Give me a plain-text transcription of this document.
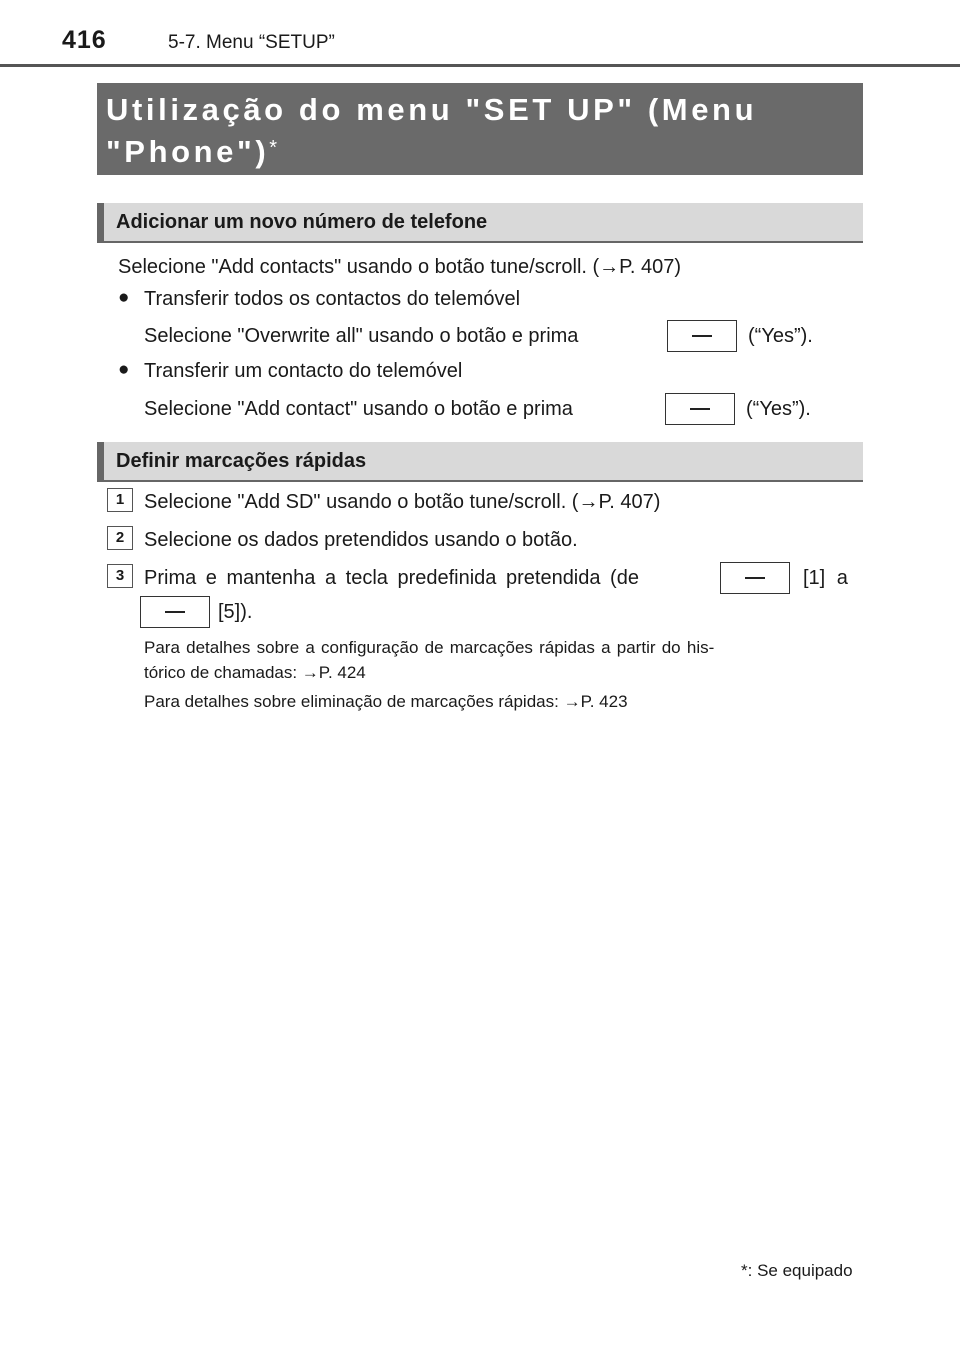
416	5-7. Menu “SETUP”
Utilização do menu "SET UP" (Menu
"Phone")*
Adicionar um novo número de telefone
Selecione "Add contacts" usando o botão tune/scroll. (→P. 407)
● Transferir todos os contactos do telemóvel
Selecione "Overwrite all" usando o botão e prima	(“Yes”).
● Transferir um contacto do telemóvel
Selecione "Add contact" usando o botão e prima	(“Yes”).
Definir marcações rápidas
1 Selecione "Add SD" usando o botão tune/scroll. (→P. 407)
2 Selecione os dados pretendidos usando o botão.
3 Prima e mantenha a tecla predefinida pretendida (de	[1] a
[5]).
Para detalhes sobre a configuração de marcações rápidas a partir do his-
tórico de chamadas: →P. 424
Para detalhes sobre eliminação de marcações rápidas: →P. 423
*: Se equipado
